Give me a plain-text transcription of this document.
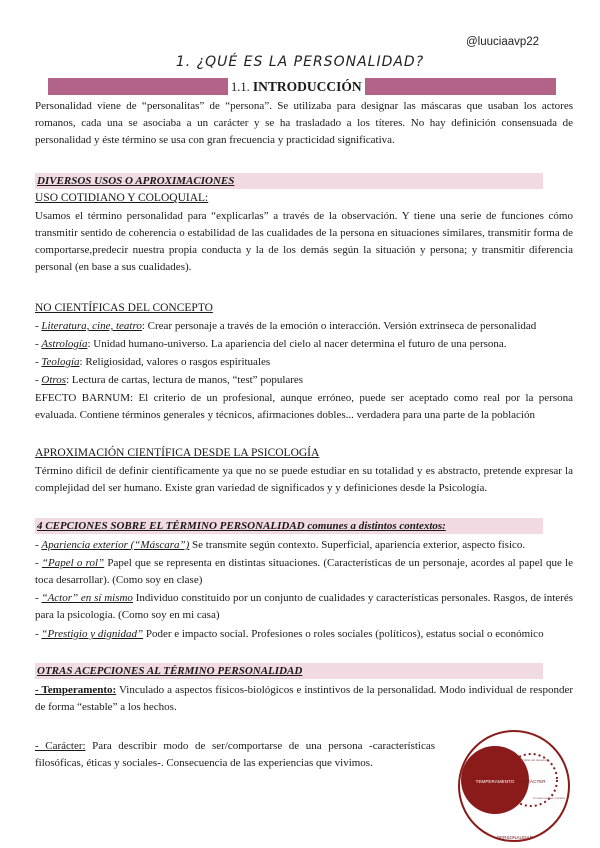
@luuciaavp22
1. ¿QUÉ ES LA PERSONALIDAD?
1.1. INTRODUCCIÓN
Personalidad viene de “personalitas” de “persona”. Se utilizaba para designar las máscaras que usaban los actores romanos, cada una se asociaba a un carácter y se ha trasladado a los títeres. No hay definición consensuada de personalidad y éste término se usa con gran frecuencia y practicidad significativa.
DIVERSOS USOS O APROXIMACIONES
USO COTIDIANO Y COLOQUIAL:
Usamos el término personalidad para “explicarlas” a través de la observación. Y tiene una serie de funciones cómo transmitir sentido de coherencia o estabilidad de las cualidades de la persona en situaciones similares, transmitir forma de comportarse,predecir nuestra propia conducta y la de los demás según la situación y persona; y transmitir diferencia personal (en base a sus cualidades).
NO CIENTÍFICAS DEL CONCEPTO
- Literatura, cine, teatro: Crear personaje a través de la emoción o interacción. Versión extrínseca de personalidad
- Astrología: Unidad humano-universo. La apariencia del cielo al nacer determina el futuro de una persona.
- Teología: Religiosidad, valores o rasgos espirituales
- Otros: Lectura de cartas, lectura de manos, “test” populares
EFECTO BARNUM: El criterio de un profesional, aunque erróneo, puede ser aceptado como real por la persona evaluada. Contiene términos generales y técnicos, afirmaciones dobles... verdadera para una parte de la población
APROXIMACIÓN CIENTÍFICA DESDE LA PSICOLOGÍA
Término difícil de definir científicamente ya que no se puede estudiar en su totalidad y es abstracto, pretende expresar la complejidad del ser humano. Existe gran variedad de significados y y definiciones desde la Psicología.
4 CEPCIONES SOBRE EL TÉRMINO PERSONALIDAD comunes a distintos contextos:
- Apariencia exterior (“Máscara”) Se transmite según contexto. Superficial, apariencia exterior, aspecto físico.
- “Papel o rol” Papel que se representa en distintas situaciones. (Características de un personaje, acordes al papel que le toca desarrollar). (Como soy en clase)
- “Actor” en sí mismo Individuo constituido por un conjunto de cualidades y características personales. Rasgos, de interés para la psicología. (Como soy en mi casa)
- “Prestigio y dignidad” Poder e impacto social. Profesiones o roles sociales (políticos), estatus social o económico
OTRAS ACEPCIONES AL TÉRMINO PERSONALIDAD
- Temperamento: Vinculado a aspectos físicos-biológicos e instintivos de la personalidad. Modo individual de responder de forma “estable” a los hechos.
- Carácter: Para describir modo de ser/comportarse de una persona -características filosóficas, éticas y sociales-. Consecuencia de las experiencias que vivimos.
TEMPERAMENTO CARÁCTER
PERSONALIDAD
Ámbito del desarrollo
Consecuencias morales
